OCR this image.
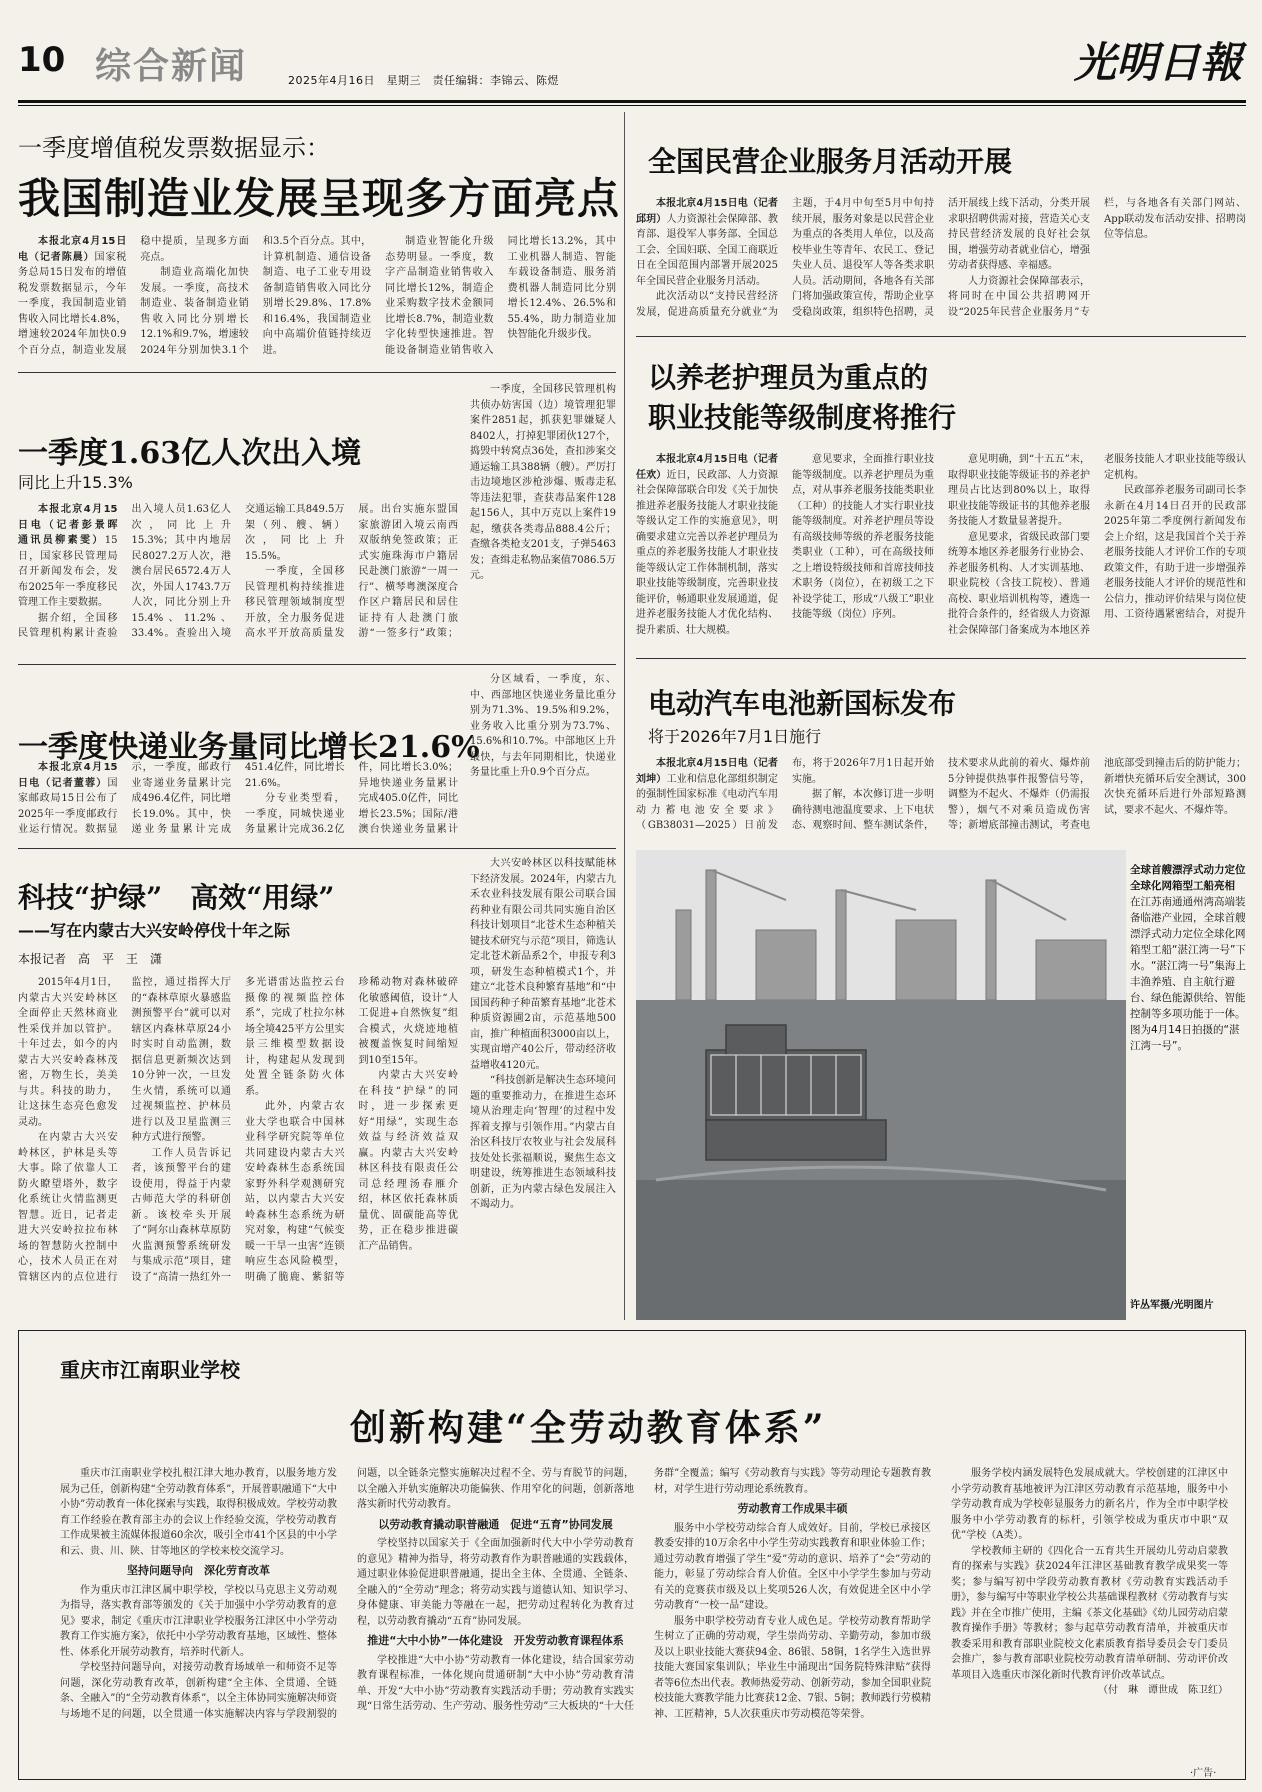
10 综合新闻	2025年4月16日　星期三　责任编辑：李锦云、陈煜	光明日報
一季度增值税发票数据显示：
我国制造业发展呈现多方面亮点

本报北京4月15日电（记者陈晨）国家税务总局15日发布的增值税发票数据显示，今年一季度，我国制造业销售收入同比增长4.8%，增速较2024年加快0.9个百分点，制造业发展稳中提质，呈现多方面亮点。

制造业高端化加快发展。一季度，高技术制造业、装备制造业销售收入同比分别增长12.1%和9.7%，增速较2024年分别加快3.1个和3.5个百分点。其中，计算机制造、通信设备制造、电子工业专用设备制造销售收入同比分别增长29.8%、17.8%和16.4%，我国制造业向中高端价值链持续迈进。

制造业智能化升级态势明显。一季度，数字产品制造业销售收入同比增长12%，制造企业采购数字技术金额同比增长8.7%，制造业数字化转型快速推进。智能设备制造业销售收入同比增长13.2%，其中工业机器人制造、智能车载设备制造、服务消费机器人制造同比分别增长12.4%、26.5%和55.4%，助力制造业加快智能化升级步伐。

一季度1.63亿人次出入境
同比上升15.3%

本报北京4月15日电（记者彭景晖　通讯员柳素雯）15日，国家移民管理局召开新闻发布会，发布2025年一季度移民管理工作主要数据。

据介绍，全国移民管理机构累计查验出入境人员1.63亿人次，同比上升15.3%；其中内地居民8027.2万人次，港澳台居民6572.4万人次，外国人1743.7万人次，同比分别上升15.4%、11.2%、33.4%。查验出入境交通运输工具849.5万架（列、艘、辆）次，同比上升15.5%。

一季度，全国移民管理机构持续推进移民管理领域制度型开放，全力服务促进高水平开放高质量发展。出台实施东盟国家旅游团入境云南西双版纳免签政策；正式实施珠海市户籍居民赴澳门旅游“一周一行”、横琴粤澳深度合作区户籍居民和居住证持有人赴澳门旅游“一签多行”政策；

一季度，全国移民管理机构共侦办妨害国（边）境管理犯罪案件2851起，抓获犯罪嫌疑人8402人，打掉犯罪团伙127个，捣毁中转窝点36处，查扣涉案交通运输工具388辆（艘）。严厉打击边境地区涉枪涉爆、贩毒走私等违法犯罪，查获毒品案件128起156人，其中万克以上案件19起，缴获各类毒品888.4公斤；查缴各类枪支201支，子弹5463发；查缉走私物品案值7086.5万元。

一季度快递业务量同比增长21.6%

本报北京4月15日电（记者董蓉）国家邮政局15日公布了2025年一季度邮政行业运行情况。数据显示，一季度，邮政行业寄递业务量累计完成496.4亿件，同比增长19.0%。其中，快递业务量累计完成451.4亿件，同比增长21.6%。

分专业类型看，一季度，同城快递业务量累计完成36.2亿件，同比增长3.0%；异地快递业务量累计完成405.0亿件，同比增长23.5%；国际/港澳台快递业务量累计

分区域看，一季度，东、中、西部地区快递业务量比重分别为71.3%、19.5%和9.2%，业务收入比重分别为73.7%、15.6%和10.7%。中部地区上升最快，与去年同期相比，快递业务量比重上升0.9个百分点。

科技“护绿”　高效“用绿”
——写在内蒙古大兴安岭停伐十年之际
本报记者　高　平　王　潇

2015年4月1日，内蒙古大兴安岭林区全面停止天然林商业性采伐并加以管护。十年过去，如今的内蒙古大兴安岭森林茂密，万物生长，美美与共。科技的助力，让这抹生态亮色愈发灵动。

在内蒙古大兴安岭林区，护林是头等大事。除了依靠人工防火瞭望塔外，数字化系统让火情监测更智慧。近日，记者走进大兴安岭拉拉布林场的智慧防火控制中心，技术人员正在对管辖区内的点位进行监控，通过指挥大厅的“森林草原火暴感监测预警平台”就可以对辖区内森林草原24小时实时自动监测，数据信息更新频次达到10分钟一次，一旦发生火情，系统可以通过视频监控、护林员进行以及卫星监测三种方式进行预警。

工作人员告诉记者，该预警平台的建设使用，得益于内蒙古师范大学的科研创新。该校牵头开展了“阿尔山森林草原防火监测预警系统研发与集成示范”项目，建设了“高清一热红外一多光谱雷达监控云台摄像的视频监控体系”，完成了杜拉尔林场全境425平方公里实景三维模型数据设计，构建起从发现到处置全链条防火体系。

此外，内蒙古农业大学也联合中国林业科学研究院等单位共同建设内蒙古大兴安岭森林生态系统国家野外科学观测研究站，以内蒙古大兴安岭森林生态系统为研究对象，构建“气候变暖一干旱一虫害”连锁响应生态风险模型，明确了脆鹿、紫貂等珍稀动物对森林破碎化敏感阈值，设计“人工促进+自然恢复”组合模式，火烧迹地植被覆盖恢复时间缩短到10至15年。

内蒙古大兴安岭在科技“护绿”的同时，进一步探索更好“用绿”，实现生态效益与经济效益双赢。内蒙古大兴安岭林区科技有限责任公司总经理汤春雁介绍，林区依托森林质量优、固碳能高等优势，正在稳步推进碳汇产品销售。

大兴安岭林区以科技赋能林下经济发展。2024年，内蒙古九禾农业科技发展有限公司联合国药种业有限公司共同实施自治区科技计划项目“北苍术生态种植关键技术研究与示范”项目，筛选认定北苍术新品系2个，申报专利3项，研发生态种植模式1个，并建立“北苍术良种繁育基地”和“中国国药种子种苗繁育基地”北苍术种质资源圃2亩，示范基地500亩，推广种植面积3000亩以上，实现亩增产40公斤，带动经济收益增收4120元。

“科技创新是解决生态环境问题的重要推动力，在推进生态环境从治理走向‘智理’的过程中发挥着支撑与引领作用。”内蒙古自治区科技厅农牧业与社会发展科技处处长张福顺说，聚焦生态文明建设，统筹推进生态领域科技创新，正为内蒙古绿色发展注入不竭动力。

全国民营企业服务月活动开展

本报北京4月15日电（记者邱玥）人力资源社会保障部、教育部、退役军人事务部、全国总工会、全国妇联、全国工商联近日在全国范围内部署开展2025年全国民营企业服务月活动。

此次活动以“支持民营经济发展，促进高质量充分就业”为主题，于4月中旬至5月中旬持续开展，服务对象是以民营企业为重点的各类用人单位，以及高校毕业生等青年、农民工、登记失业人员、退役军人等各类求职人员。活动期间，各地各有关部门将加强政策宣传，帮助企业享受稳岗政策，组织特色招聘，灵活开展线上线下活动，分类开展求职招聘供需对接，营造关心支持民营经济发展的良好社会氛围，增强劳动者就业信心，增强劳动者获得感、幸福感。

人力资源社会保障部表示，将同时在中国公共招聘网开设“2025年民营企业服务月”专栏，与各地各有关部门网站、App联动发布活动安排、招聘岗位等信息。

以养老护理员为重点的
职业技能等级制度将推行

本报北京4月15日电（记者任欢）近日，民政部、人力资源社会保障部联合印发《关于加快推进养老服务技能人才职业技能等级认定工作的实施意见》，明确要求建立完善以养老护理员为重点的养老服务技能人才职业技能等级认定工作体制机制，落实职业技能等级制度，完善职业技能评价，畅通职业发展通道，促进养老服务技能人才优化结构、提升素质、壮大规模。

意见要求，全面推行职业技能等级制度。以养老护理员为重点，对从事养老服务技能类职业（工种）的技能人才实行职业技能等级制度。对养老护理员等设有高级技师等级的养老服务技能类职业（工种），可在高级技师之上增设特级技师和首席技师技术职务（岗位），在初级工之下补设学徒工，形成“八级工”职业技能等级（岗位）序列。

意见明确，到“十五五”末，取得职业技能等级证书的养老护理员占比达到80%以上，取得职业技能等级证书的其他养老服务技能人才数量显著提升。

意见要求，省级民政部门要统筹本地区养老服务行业协会、养老服务机构、人才实训基地、职业院校（含技工院校）、普通高校、职业培训机构等，遴选一批符合条件的，经省级人力资源社会保障部门备案成为本地区养老服务技能人才职业技能等级认定机构。

民政部养老服务司副司长李永新在4月14日召开的民政部2025年第二季度例行新闻发布会上介绍，这是我国首个关于养老服务技能人才评价工作的专项政策文件，有助于进一步增强养老服务技能人才评价的规范性和公信力，推动评价结果与岗位使用、工资待遇紧密结合，对提升

电动汽车电池新国标发布
将于2026年7月1日施行

本报北京4月15日电（记者刘坤）工业和信息化部组织制定的强制性国家标准《电动汽车用动力蓄电池安全要求》（GB38031—2025）日前发布，将于2026年7月1日起开始实施。

据了解，本次修订进一步明确待测电池温度要求、上下电状态、观察时间、整车测试条件，技术要求从此前的着火、爆炸前5分钟提供热事件报警信号等，调整为不起火、不爆炸（仍需报警），烟气不对乘员造成伤害等；新增底部撞击测试，考查电池底部受到撞击后的防护能力；新增快充循环后安全测试，300次快充循环后进行外部短路测试，要求不起火、不爆炸等。

全球首艘漂浮式动力定位全球化网箱型工船亮相 在江苏南通通州湾高端装备临港产业园，全球首艘漂浮式动力定位全球化网箱型工船“湛江湾一号”下水。“湛江湾一号”集海上丰渔养殖、自主航行避台、绿色能源供给、智能控制等多项功能于一体。图为4月14日拍摄的“湛江湾一号”。
许丛军摄/光明图片
重庆市江南职业学校
创新构建“全劳动教育体系”

重庆市江南职业学校扎根江津大地办教育，以服务地方发展为己任，创新构建“全劳动教育体系”，开展普职融通下“大中小协”劳动教育一体化探索与实践，取得积极成效。学校劳动教育工作经验在教育部主办的会议上作经验交流，学校劳动教育工作成果被主流媒体报道60余次，吸引全市41个区县的中小学和云、贵、川、陕、甘等地区的学校来校交流学习。

坚持问题导向　深化劳育改革

作为重庆市江津区属中职学校，学校以马克思主义劳动观为指导，落实教育部等颁发的《关于加强中小学劳动教育的意见》要求，制定《重庆市江津职业学校服务江津区中小学劳动教育工作实施方案》，依托中小学劳动教育基地，区域性、整体性、体系化开展劳动教育，培养时代新人。

学校坚持问题导向，对接劳动教育场域单一和师资不足等问题，深化劳动教育改革，创新构建“全主体、全贯通、全链条、全融入”的“全劳动教育体系”，以全主体协同实施解决师资与场地不足的问题，以全贯通一体实施解决内容与学段割裂的问题，以全链条完整实施解决过程不全、劳与育脱节的问题，以全融入并轨实施解决功能偏狭、作用窄化的问题，创新落地落实新时代劳动教育。

以劳动教育撬动职普融通　促进“五育”协同发展

学校坚持以国家关于《全面加强新时代大中小学劳动教育的意见》精神为指导，将劳动教育作为职普融通的实践载体，通过职业体验促进职普融通，提出全主体、全贯通、全链条、全融入的“全劳动”理念；将劳动实践与道德认知、知识学习、身体健康、审美能力等融在一起，把劳动过程转化为教育过程，以劳动教育撬动“五育”协同发展。

推进“大中小协”一体化建设　开发劳动教育课程体系

学校推进“大中小协”劳动教育一体化建设，结合国家劳动教育课程标准，一体化规向贯通研制“大中小协”劳动教育清单、开发“大中小协”劳动教育实践活动手册；劳动教育实践实现“日常生活劳动、生产劳动、服务性劳动”三大板块的“十大任务群”全覆盖；编写《劳动教育与实践》等劳动理论专题教育教材，对学生进行劳动理论系统教育。

劳动教育工作成果丰硕

服务中小学校劳动综合育人成效好。目前，学校已承接区教委安排的10万余名中小学生劳动实践教育和职业体验工作；通过劳动教育增强了学生“爱”劳动的意识、培养了“会”劳动的能力，彰显了劳动综合育人价值。全区中小学学生参加与劳动有关的竞赛获市级及以上奖项526人次，有效促进全区中小学劳动教育“一校一品”建设。

服务中职学校劳动育专业人成色足。学校劳动教育帮助学生树立了正确的劳动观，学生崇尚劳动、辛勤劳动，参加市级及以上职业技能大赛获94金、86银、58铜，1名学生入选世界技能大赛国家集训队；毕业生中涌现出“国务院特殊津贴”获得者等6位杰出代表。教师热爱劳动、创新劳动，参加全国职业院校技能大赛教学能力比赛获12金、7银、5铜；教师践行劳模精神、工匠精神，5人次获重庆市劳动模范等荣誉。

服务学校内涵发展特色发展成就大。学校创建的江津区中小学劳动教育基地被评为江津区劳动教育示范基地，服务中小学劳动教育成为学校彰显服务力的新名片，作为全市中职学校服务中小学劳动教育的标杆，引领学校成为重庆市中职“双优”学校（A类）。

学校教师主研的《四化合一五育共生开展幼儿劳动启蒙教育的探索与实践》获2024年江津区基础教育教学成果奖一等奖；参与编写初中学段劳动教育教材《劳动教育实践活动手册》，参与编写中等职业学校公共基础课程教材《劳动教育与实践》并在全市推广使用，主编《茶文化基础》《幼儿园劳动启蒙教育操作手册》等教材；参与起草劳动教育清单，并被重庆市教委采用和教育部职业院校文化素质教育指导委员会专门委员会推广，参与教育部职业院校劳动教育清单研制、劳动评价改革项目入选重庆市深化新时代教育评价改革试点。

（付　琳　谭世成　陈卫红）

·广告·
